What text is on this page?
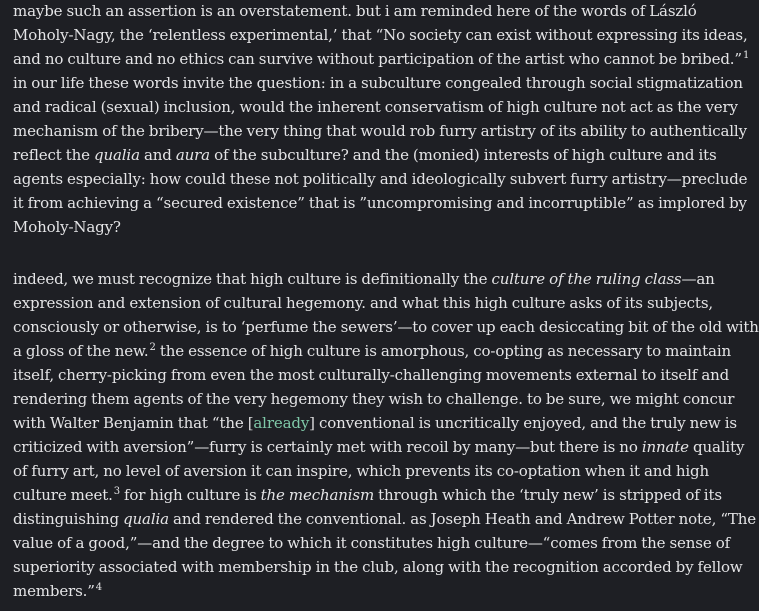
maybe such an assertion is an overstatement. but i am reminded here of the words of László
Moholy-Nagy, the ‘relentless experimental,’ that “No society can exist without expressing its ideas,
and no culture and no ethics can survive without participation of the artist who cannot be bribed.”$^1$
in our life these words invite the question: in a subculture congealed through social stigmatization
and radical (sexual) inclusion, would the inherent conservatism of high culture not act as the very
mechanism of the bribery—the very thing that would rob furry artistry of its ability to authentically
reflect the qualia and aura of the subculture? and the (monied) interests of high culture and its
agents especially: how could these not politically and ideologically subvert furry artistry—preclude
it from achieving a “secured existence” that is ”uncompromising and incorruptible” as implored by
Moholy-Nagy?

indeed, we must recognize that high culture is definitionally the culture of the ruling class—an
expression and extension of cultural hegemony. and what this high culture asks of its subjects,
consciously or otherwise, is to ‘perfume the sewers’—to cover up each desiccating bit of the old with
a gloss of the new.$^2$ the essence of high culture is amorphous, co-opting as necessary to maintain
itself, cherry-picking from even the most culturally-challenging movements external to itself and
rendering them agents of the very hegemony they wish to challenge. to be sure, we might concur
with Walter Benjamin that “the [already] conventional is uncritically enjoyed, and the truly new is
criticized with aversion”—furry is certainly met with recoil by many—but there is no innate quality
of furry art, no level of aversion it can inspire, which prevents its co-optation when it and high
culture meet.$^3$ for high culture is the mechanism through which the ‘truly new’ is stripped of its
distinguishing qualia and rendered the conventional. as Joseph Heath and Andrew Potter note, “The
value of a good,”—and the degree to which it constitutes high culture—“comes from the sense of
superiority associated with membership in the club, along with the recognition accorded by fellow
members.”$^4$
